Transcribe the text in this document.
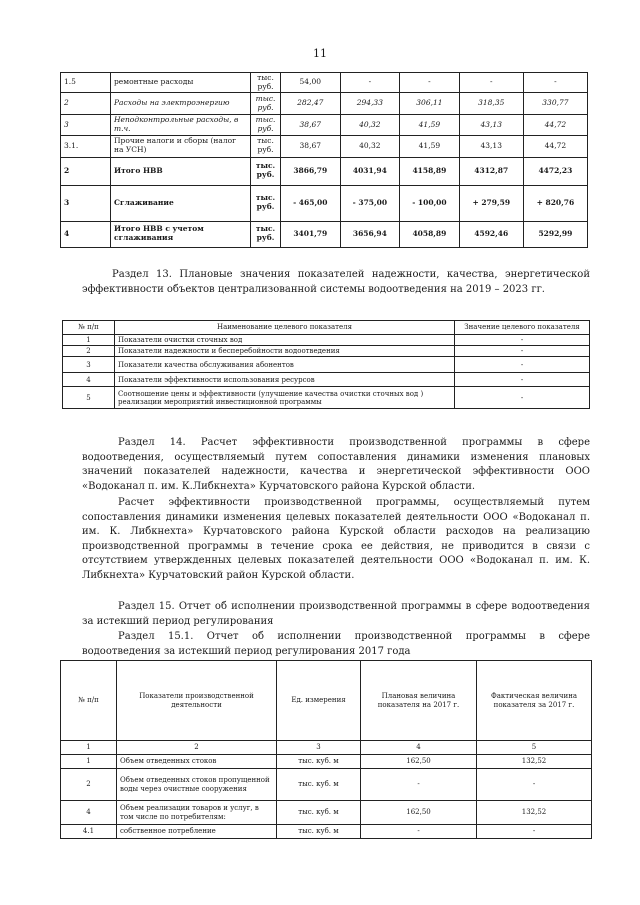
11
1.5	ремонтные расходы	тыс. руб.	54,00	-	-	-	-
2	Расходы на электроэнергию	тыс. руб.	282,47	294,33	306,11	318,35	330,77
3	Неподконтрольные расходы, в т.ч.	тыс. руб.	38,67	40,32	41,59	43,13	44,72
3.1.	Прочие налоги и сборы (налог на УСН)	тыс. руб.	38,67	40,32	41,59	43,13	44,72
2	Итого НВВ	тыс. руб.	3866,79	4031,94	4158,89	4312,87	4472,23
3	Сглаживание	тыс. руб.	- 465,00	- 375,00	- 100,00	+ 279,59	+ 820,76
4	Итого НВВ с учетом сглаживания	тыс. руб.	3401,79	3656,94	4058,89	4592,46	5292,99
Раздел 13. Плановые значения показателей надежности, качества, энергетической эффективности объектов централизованной системы водоотведения на 2019 – 2023 гг.
№ п/п	Наименование целевого показателя	Значение целевого показателя
1	Показатели очистки сточных вод	-
2	Показатели надежности и бесперебойности водоотведения	-
3	Показатели качества обслуживания абонентов	-
4	Показатели эффективности использования ресурсов	-
5	Соотношение цены и эффективности (улучшение качества очистки сточных вод ) реализации мероприятий инвестиционной программы	-
Раздел 14. Расчет эффективности производственной программы в сфере водоотведения, осуществляемый путем сопоставления динамики изменения плановых значений показателей надежности, качества и энергетической эффективности ООО «Водоканал п. им. К.Либкнехта» Курчатовского района Курской области.
Расчет эффективности производственной программы, осуществляемый путем сопоставления динамики изменения целевых показателей деятельности ООО «Водоканал п. им. К. Либкнехта» Курчатовского района Курской области расходов на реализацию производственной программы в течение срока ее действия, не приводится в связи с отсутствием утвержденных целевых показателей деятельности ООО «Водоканал п. им. К. Либкнехта» Курчатовский район Курской области.
Раздел 15. Отчет об исполнении производственной программы в сфере водоотведения за истекший период регулирования
Раздел 15.1. Отчет об исполнении производственной программы в сфере водоотведения за истекший период регулирования 2017 года
№ п/п	Показатели производственной деятельности	Ед. измерения	Плановая величина показателя на 2017 г.	Фактическая величина показателя за 2017 г.
1	2	3	4	5
1	Объем отведенных стоков	тыс. куб. м	162,50	132,52
2	Объем отведенных стоков пропущенной воды через очистные сооружения	тыс. куб. м	-	-
4	Объем реализации товаров и услуг, в том числе по потребителям:	тыс. куб. м	162,50	132,52
4.1	собственное потребление	тыс. куб. м	-	-
